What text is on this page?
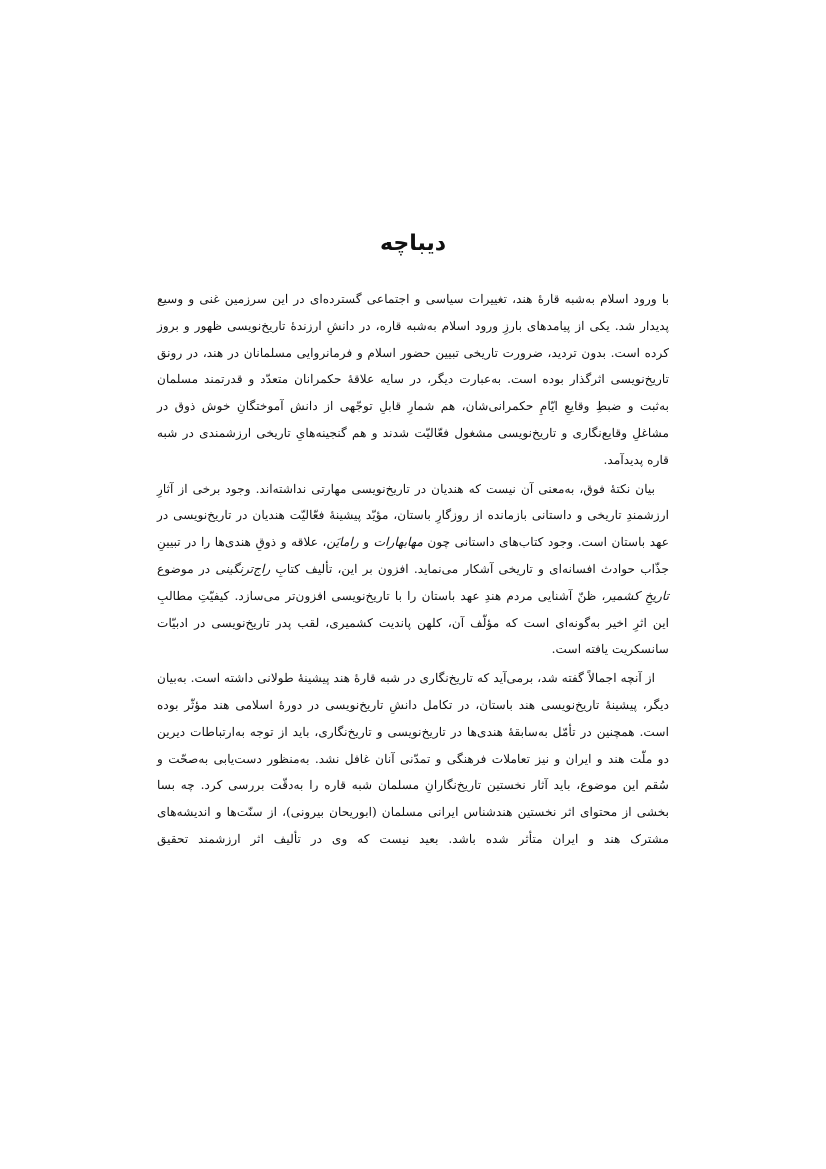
دیباچه

با ورود اسلام به‌شبه قارهٔ هند، تغییرات سیاسی و اجتماعی گسترده‌ای در این سرزمین غنی و وسیع پدیدار شد. یکی از پیامدهای بارزِ ورود اسلام به‌شبه قاره، در دانشِ ارزندهٔ تاریخ‌نویسی ظهور و بروز کرده است. بدون تردید، ضرورت تاریخی تبیین حضور اسلام و فرمانروایی مسلمانان در هند، در رونق تاریخ‌نویسی اثرگذار بوده است. به‌عبارت دیگر، در سایه علاقهٔ حکمرانان متعدّد و قدرتمند مسلمان به‌ثبت و ضبطِ وقایعِ ایّامِ حکمرانی‌شان، هم شمارِ قابلِ توجّهی از دانش آموختگانِ خوش ذوق در مشاغلِ وقایع‌نگاری و تاریخ‌نویسی مشغول فعّالیّت شدند و هم گنجینه‌هایِ تاریخی ارزشمندی در شبه قاره پدیدآمد.

بیان نکتهٔ فوق، به‌معنی آن نیست که هندیان در تاریخ‌نویسی مهارتی نداشته‌اند. وجود برخی از آثارِ ارزشمندِ تاریخی و داستانی بازمانده از روزگارِ باستان، مؤیّد پیشینهٔ فعّالیّت هندیان در تاریخ‌نویسی در عهد باستان است. وجود کتاب‌های داستانی چون مهابهارات و رامایَن، علاقه و ذوقِ هندی‌ها را در تبیینِ جذّاب حوادث افسانه‌ای و تاریخی آشکار می‌نماید. افزون بر این، تألیف کتابِ راج‌ترنگینی در موضوع تاریخِ کشمیر، ظنّ آشنایی مردم هندِ عهد باستان را با تاریخ‌نویسی افزون‌تر می‌سازد. کیفیّتِ مطالبِ این اثرِ اخیر به‌گونه‌ای است که مؤلّف آن، کلهن پاندیت کشمیری، لقب پدر تاریخ‌نویسی در ادبیّات سانسکریت یافته است.

از آنچه اجمالاً گفته شد، برمی‌آید که تاریخ‌نگاری در شبه قارهٔ هند پیشینهٔ طولانی داشته است. به‌بیان دیگر، پیشینهٔ تاریخ‌نویسی هند باستان، در تکامل دانشِ تاریخ‌نویسی در دورهٔ اسلامی هند مؤثّر بوده است. همچنین در تأمّل به‌سابقهٔ هندی‌ها در تاریخ‌نویسی و تاریخ‌نگاری، باید از توجه به‌ارتباطات دیرین دو ملّت هند و ایران و نیز تعاملات فرهنگی و تمدّنی آنان غافل نشد. به‌منظور دست‌یابی به‌صحّت و سُقم این موضوع، باید آثار نخستین تاریخ‌نگارانِ مسلمان شبه قاره را به‌دقّت بررسی کرد. چه بسا بخشی از محتوای اثر نخستین هندشناس ایرانی مسلمان (ابوریحان بیرونی)، از سنّت‌ها و اندیشه‌های مشترک هند و ایران متأثر شده باشد. بعید نیست که وی در تألیف اثر ارزشمند تحقیق
